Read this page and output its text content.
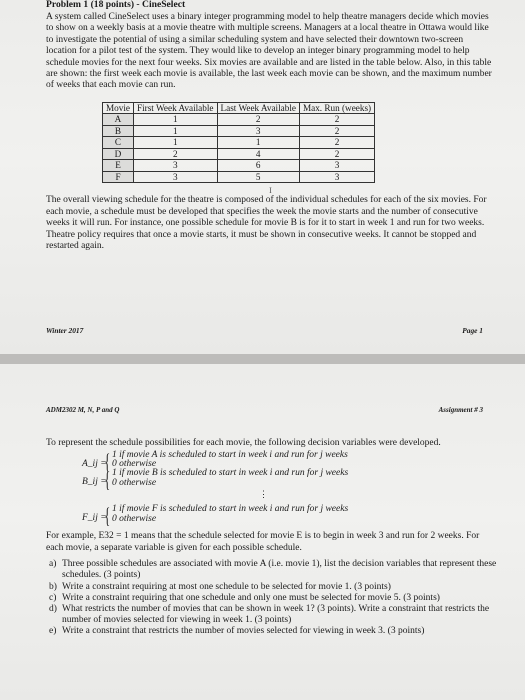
Problem 1 (18 points) - CineSelect

A system called CineSelect uses a binary integer programming model to help theatre managers decide which movies to show on a weekly basis at a movie theatre with multiple screens. Managers at a local theatre in Ottawa would like to investigate the potential of using a similar scheduling system and have selected their downtown two-screen location for a pilot test of the system. They would like to develop an integer binary programming model to help schedule movies for the next four weeks. Six movies are available and are listed in the table below. Also, in this table are shown: the first week each movie is available, the last week each movie can be shown, and the maximum number of weeks that each movie can run.

Movie	First Week Available	Last Week Available	Max. Run (weeks)
A	1	2	2
B	1	3	2
C	1	1	2
D	2	4	2
E	3	6	3
F	3	5	3
I

The overall viewing schedule for the theatre is composed of the individual schedules for each of the six movies. For each movie, a schedule must be developed that specifies the week the movie starts and the number of consecutive weeks it will run. For instance, one possible schedule for movie B is for it to start in week 1 and run for two weeks. Theatre policy requires that once a movie starts, it must be shown in consecutive weeks. It cannot be stopped and restarted again.

Winter 2017	Page 1
ADM2302 M, N, P and Q	Assignment # 3

To represent the schedule possibilities for each movie, the following decision variables were developed.

A_ij =
{ 1 if movie A is scheduled to start in week i and run for j weeks
0 otherwise
B_ij =
{ 1 if movie B is scheduled to start in week i and run for j weeks
0 otherwise
⋮
F_ij =
{ 1 if movie F is scheduled to start in week i and run for j weeks
0 otherwise

For example, E32 = 1 means that the schedule selected for movie E is to begin in week 3 and run for 2 weeks. For each movie, a separate variable is given for each possible schedule.

a) Three possible schedules are associated with movie A (i.e. movie 1), list the decision variables that represent these schedules. (3 points)
b) Write a constraint requiring at most one schedule to be selected for movie 1. (3 points)
c) Write a constraint requiring that one schedule and only one must be selected for movie 5. (3 points)
d) What restricts the number of movies that can be shown in week 1? (3 points). Write a constraint that restricts the number of movies selected for viewing in week 1. (3 points)
e) Write a constraint that restricts the number of movies selected for viewing in week 3. (3 points)
